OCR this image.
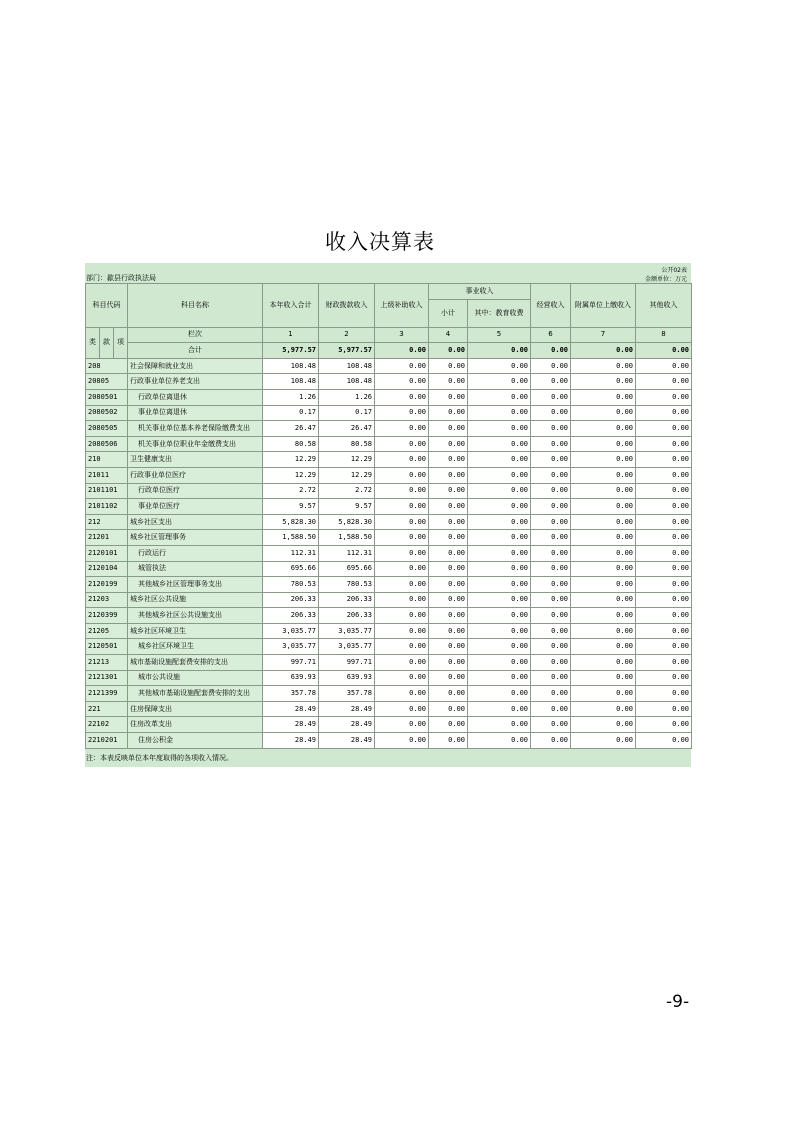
收入决算表
部门：歙县行政执法局
公开02表
金额单位：万元
科目代码			科目名称	本年收入合计	财政拨款收入	上级补助收入	事业收入		经营收入	附属单位上缴收入	其他收入
							小计	其中：教育收费			

类	款	项	栏次	1	2	3	4	5	6	7	8
			合计	5,977.57	5,977.57	0.00	0.00	0.00	0.00	0.00	0.00
208			社会保障和就业支出	108.48	108.48	0.00	0.00	0.00	0.00	0.00	0.00
20805			行政事业单位养老支出	108.48	108.48	0.00	0.00	0.00	0.00	0.00	0.00
2080501			行政单位离退休	1.26	1.26	0.00	0.00	0.00	0.00	0.00	0.00
2080502			事业单位离退休	0.17	0.17	0.00	0.00	0.00	0.00	0.00	0.00
2080505			机关事业单位基本养老保险缴费支出	26.47	26.47	0.00	0.00	0.00	0.00	0.00	0.00
2080506			机关事业单位职业年金缴费支出	80.58	80.58	0.00	0.00	0.00	0.00	0.00	0.00
210			卫生健康支出	12.29	12.29	0.00	0.00	0.00	0.00	0.00	0.00
21011			行政事业单位医疗	12.29	12.29	0.00	0.00	0.00	0.00	0.00	0.00
2101101			行政单位医疗	2.72	2.72	0.00	0.00	0.00	0.00	0.00	0.00
2101102			事业单位医疗	9.57	9.57	0.00	0.00	0.00	0.00	0.00	0.00
212			城乡社区支出	5,828.30	5,828.30	0.00	0.00	0.00	0.00	0.00	0.00
21201			城乡社区管理事务	1,588.50	1,588.50	0.00	0.00	0.00	0.00	0.00	0.00
2120101			行政运行	112.31	112.31	0.00	0.00	0.00	0.00	0.00	0.00
2120104			城管执法	695.66	695.66	0.00	0.00	0.00	0.00	0.00	0.00
2120199			其他城乡社区管理事务支出	780.53	780.53	0.00	0.00	0.00	0.00	0.00	0.00
21203			城乡社区公共设施	206.33	206.33	0.00	0.00	0.00	0.00	0.00	0.00
2120399			其他城乡社区公共设施支出	206.33	206.33	0.00	0.00	0.00	0.00	0.00	0.00
21205			城乡社区环境卫生	3,035.77	3,035.77	0.00	0.00	0.00	0.00	0.00	0.00
2120501			城乡社区环境卫生	3,035.77	3,035.77	0.00	0.00	0.00	0.00	0.00	0.00
21213			城市基础设施配套费安排的支出	997.71	997.71	0.00	0.00	0.00	0.00	0.00	0.00
2121301			城市公共设施	639.93	639.93	0.00	0.00	0.00	0.00	0.00	0.00
2121399			其他城市基础设施配套费安排的支出	357.78	357.78	0.00	0.00	0.00	0.00	0.00	0.00
221			住房保障支出	28.49	28.49	0.00	0.00	0.00	0.00	0.00	0.00
22102			住房改革支出	28.49	28.49	0.00	0.00	0.00	0.00	0.00	0.00
2210201			住房公积金	28.49	28.49	0.00	0.00	0.00	0.00	0.00	0.00
注：本表反映单位本年度取得的各项收入情况。
-9-
